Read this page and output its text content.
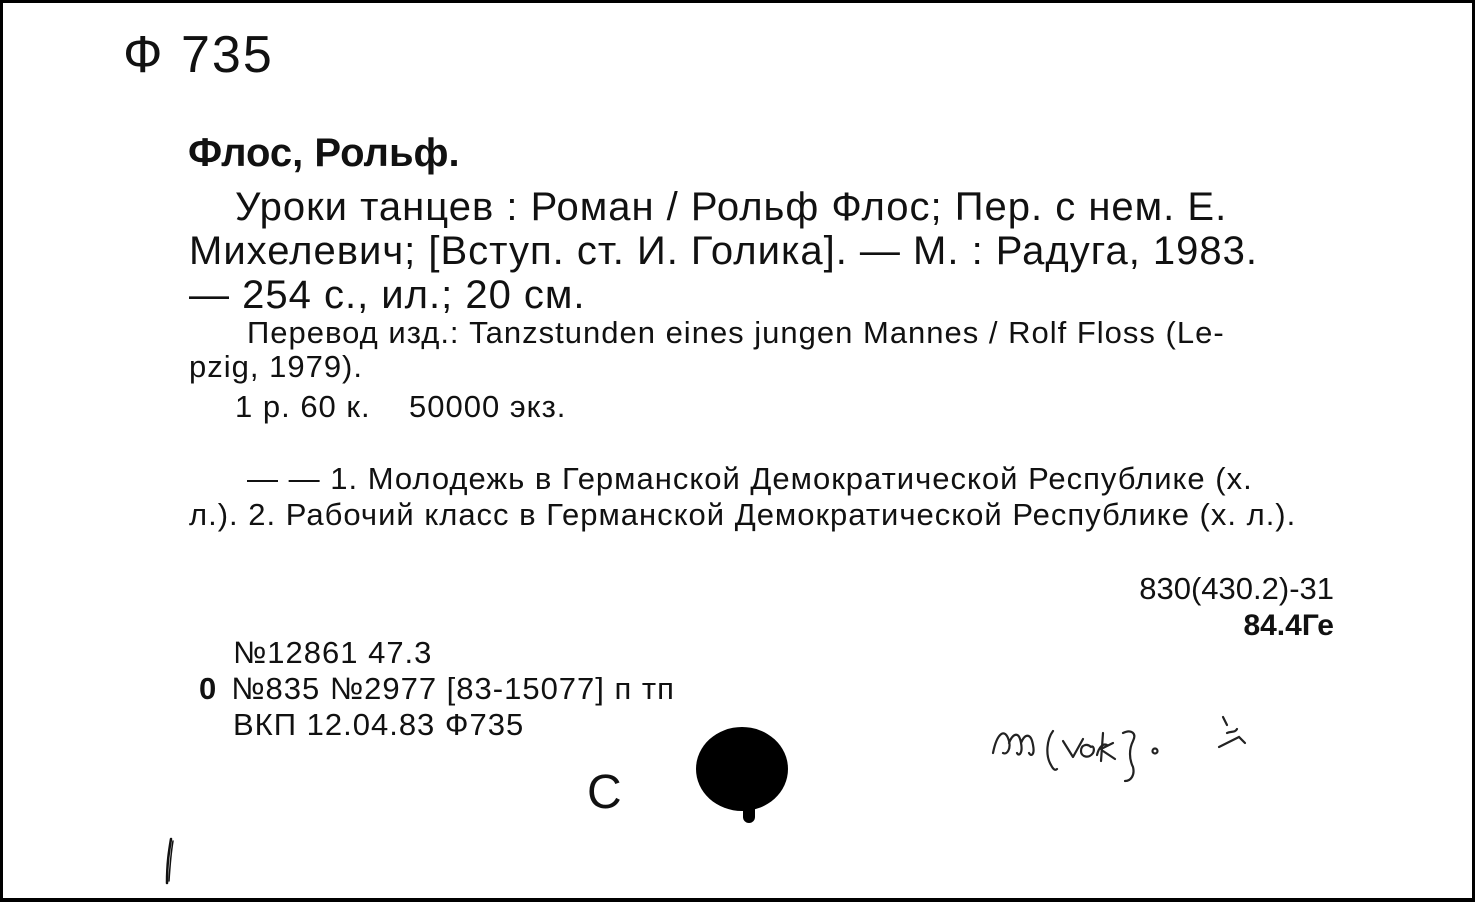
Ф 735
Флос, Рольф.
Уроки танцев : Роман / Рольф Флос; Пер. с нем. Е.
Михелевич; [Вступ. ст. И. Голика]. — М. : Радуга, 1983.
— 254 с., ил.; 20 см.
Перевод изд.: Tanzstunden eines jungen Mannes / Rolf Floss (Le-
pzig, 1979).
1 р. 60 к.    50000 экз.
— — 1. Молодежь в Германской Демократической Республике (х.
л.). 2. Рабочий класс в Германской Демократической Республике (х. л.).
830(430.2)-31
84.4Ге
№12861 47.3
0 №835 №2977 [83-15077] п тп
ВКП 12.04.83 Ф735
С
